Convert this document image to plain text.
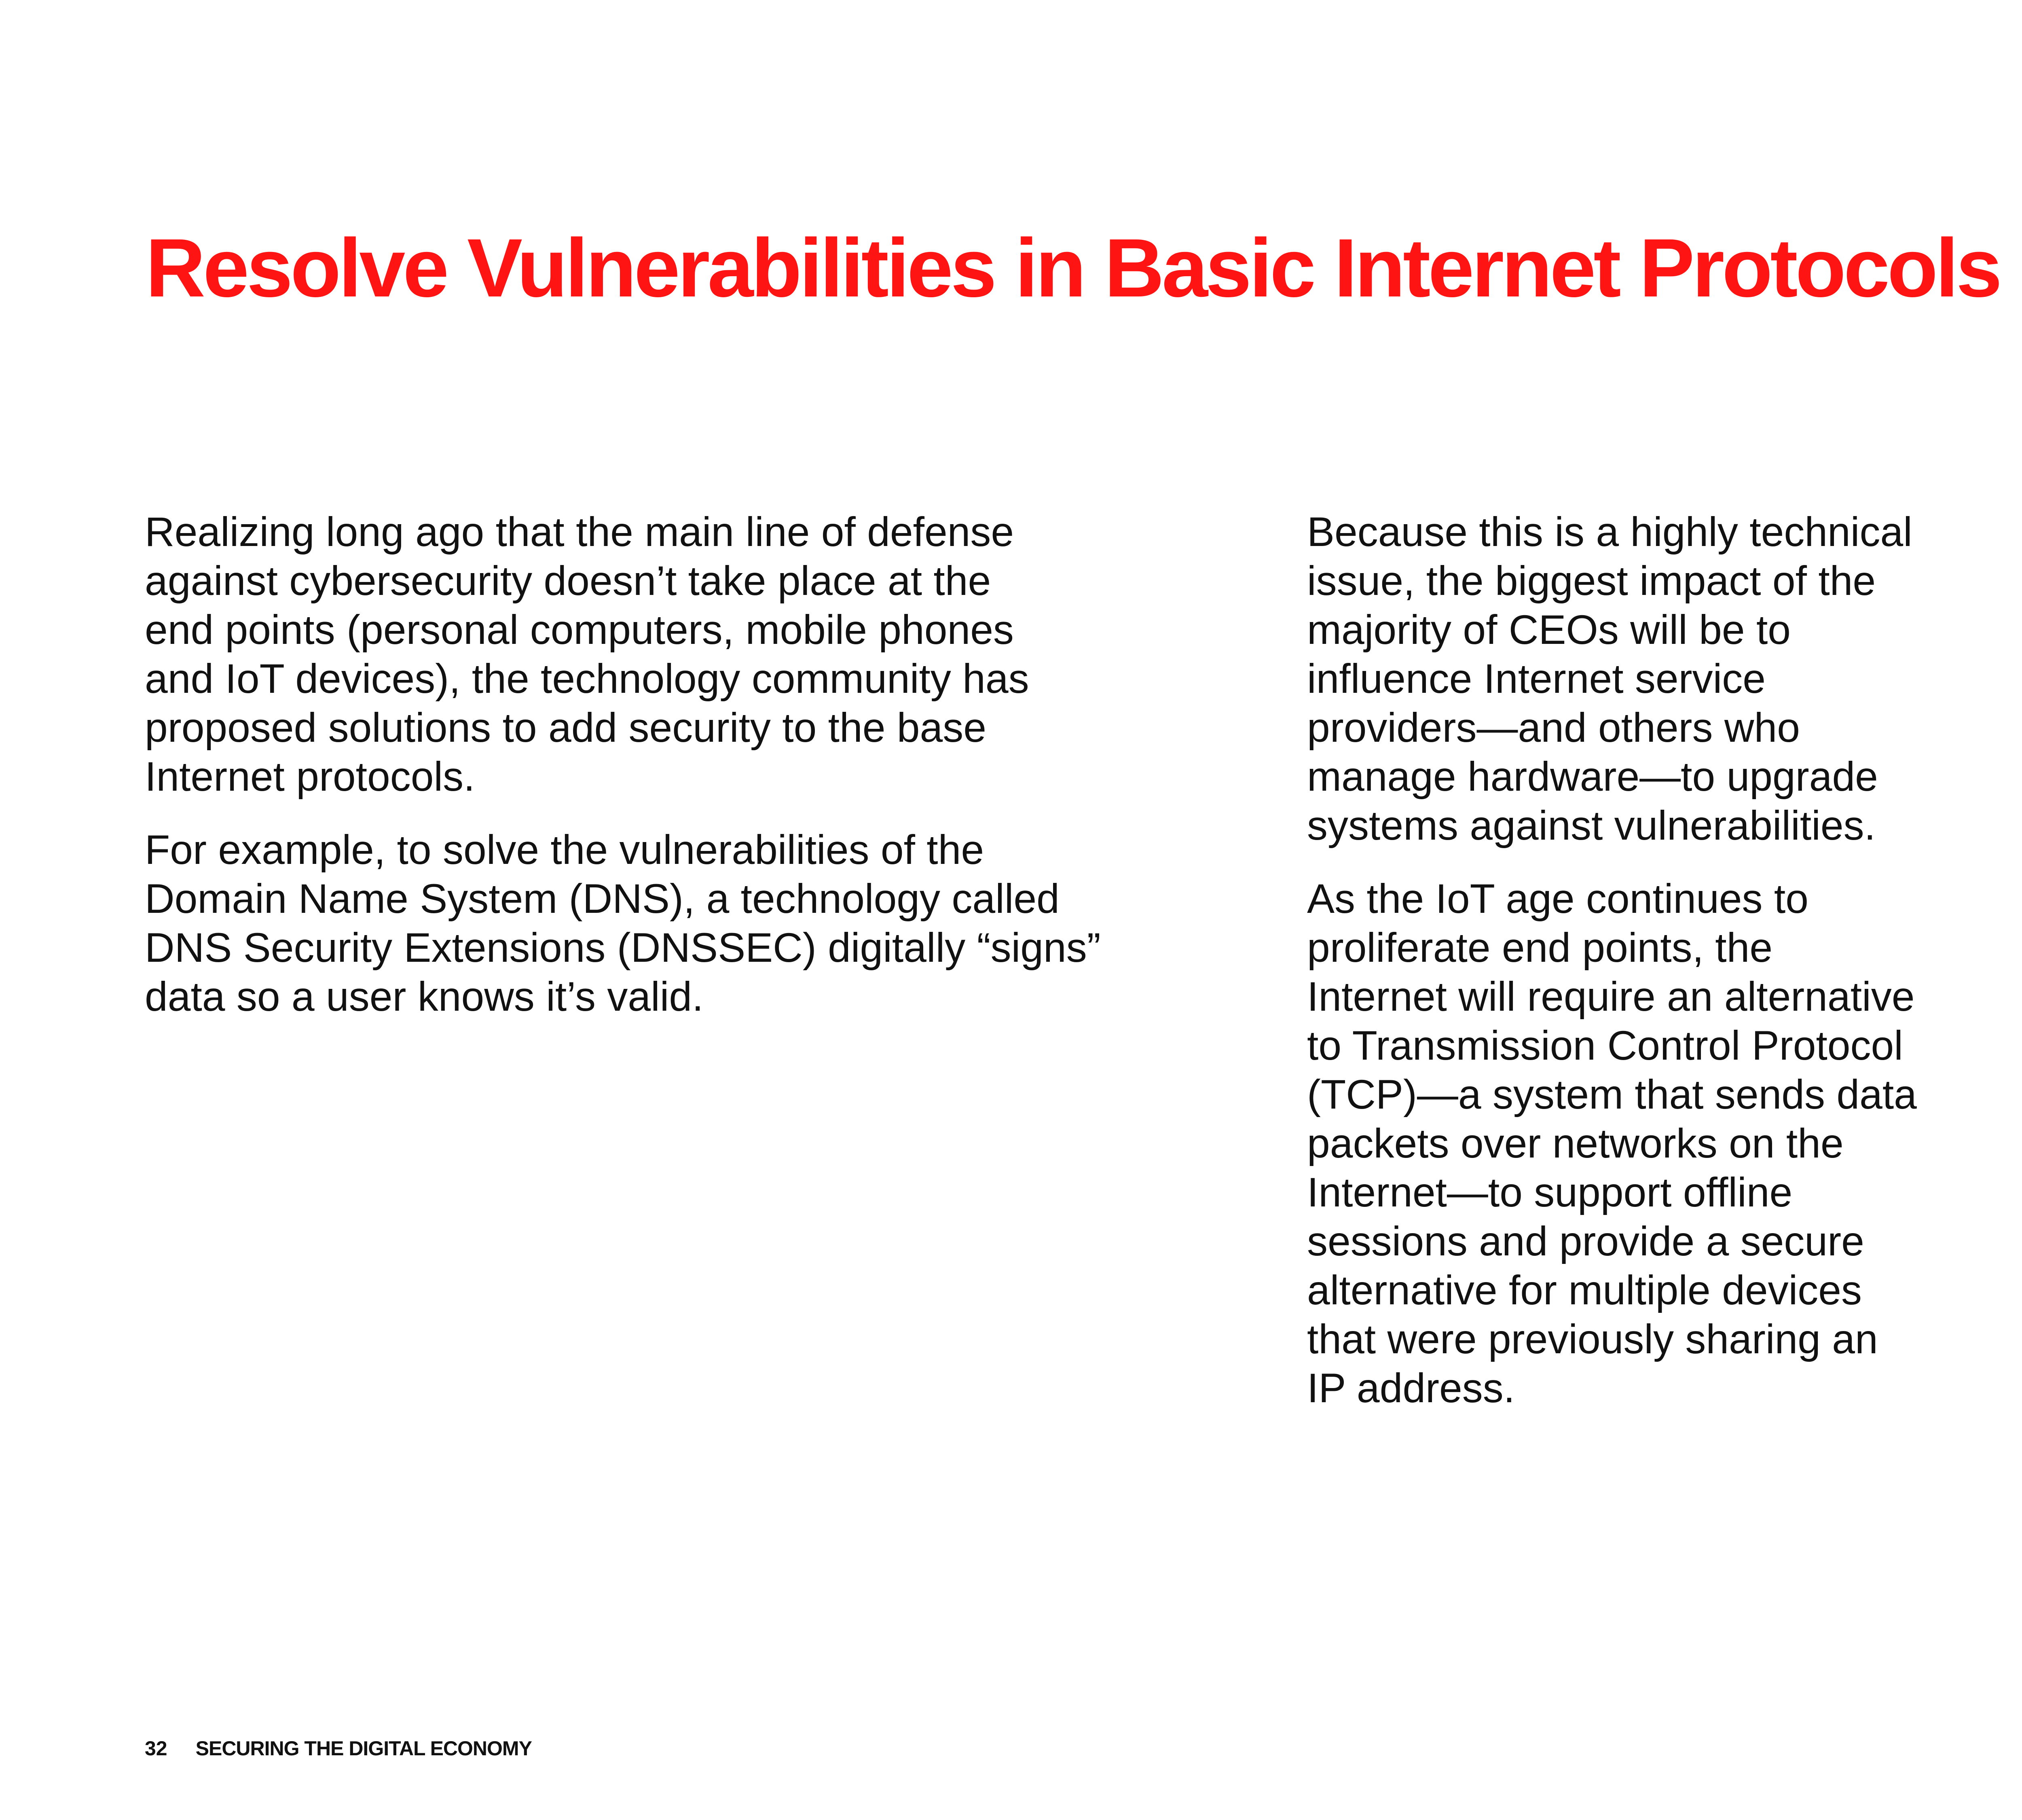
Resolve Vulnerabilities in Basic Internet Protocols

Realizing long ago that the main line of defense
against cybersecurity doesn’t take place at the
end points (personal computers, mobile phones
and IoT devices), the technology community has
proposed solutions to add security to the base
Internet protocols.

For example, to solve the vulnerabilities of the
Domain Name System (DNS), a technology called
DNS Security Extensions (DNSSEC) digitally “signs”
data so a user knows it’s valid.

Because this is a highly technical
issue, the biggest impact of the
majority of CEOs will be to
influence Internet service
providers—and others who
manage hardware—to upgrade
systems against vulnerabilities.

As the IoT age continues to
proliferate end points, the
Internet will require an alternative
to Transmission Control Protocol
(TCP)—a system that sends data
packets over networks on the
Internet—to support offline
sessions and provide a secure
alternative for multiple devices
that were previously sharing an
IP address.

32 SECURING THE DIGITAL ECONOMY
